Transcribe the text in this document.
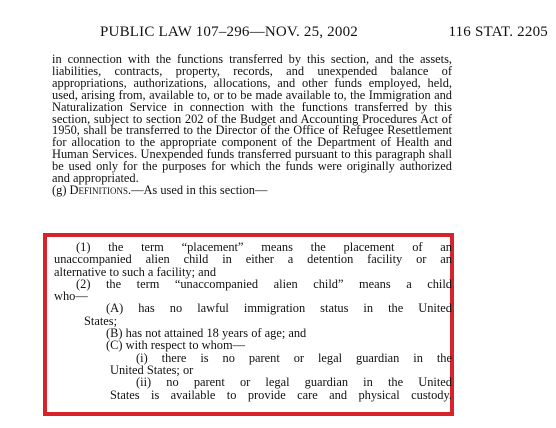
PUBLIC LAW 107–296—NOV. 25, 2002	116 STAT. 2205

in connection with the functions transferred by this section, and the assets, liabilities, contracts, property, records, and unexpended balance of appropriations, authorizations, allocations, and other funds employed, held, used, arising from, available to, or to be made available to, the Immigration and Naturalization Service in connection with the functions transferred by this section, subject to section 202 of the Budget and Accounting Procedures Act of 1950, shall be transferred to the Director of the Office of Refugee Resettlement for allocation to the appropriate component of the Department of Health and Human Services. Unexpended funds transferred pursuant to this paragraph shall be used only for the purposes for which the funds were originally authorized and appropriated.

(g) Definitions.—As used in this section—
(1) the term “placement” means the placement of an
unaccompanied alien child in either a detention facility or an
alternative to such a facility; and
(2) the term “unaccompanied alien child” means a child
who—
(A) has no lawful immigration status in the United
States;
(B) has not attained 18 years of age; and
(C) with respect to whom—
(i) there is no parent or legal guardian in the
United States; or
(ii) no parent or legal guardian in the United
States is available to provide care and physical custody.
